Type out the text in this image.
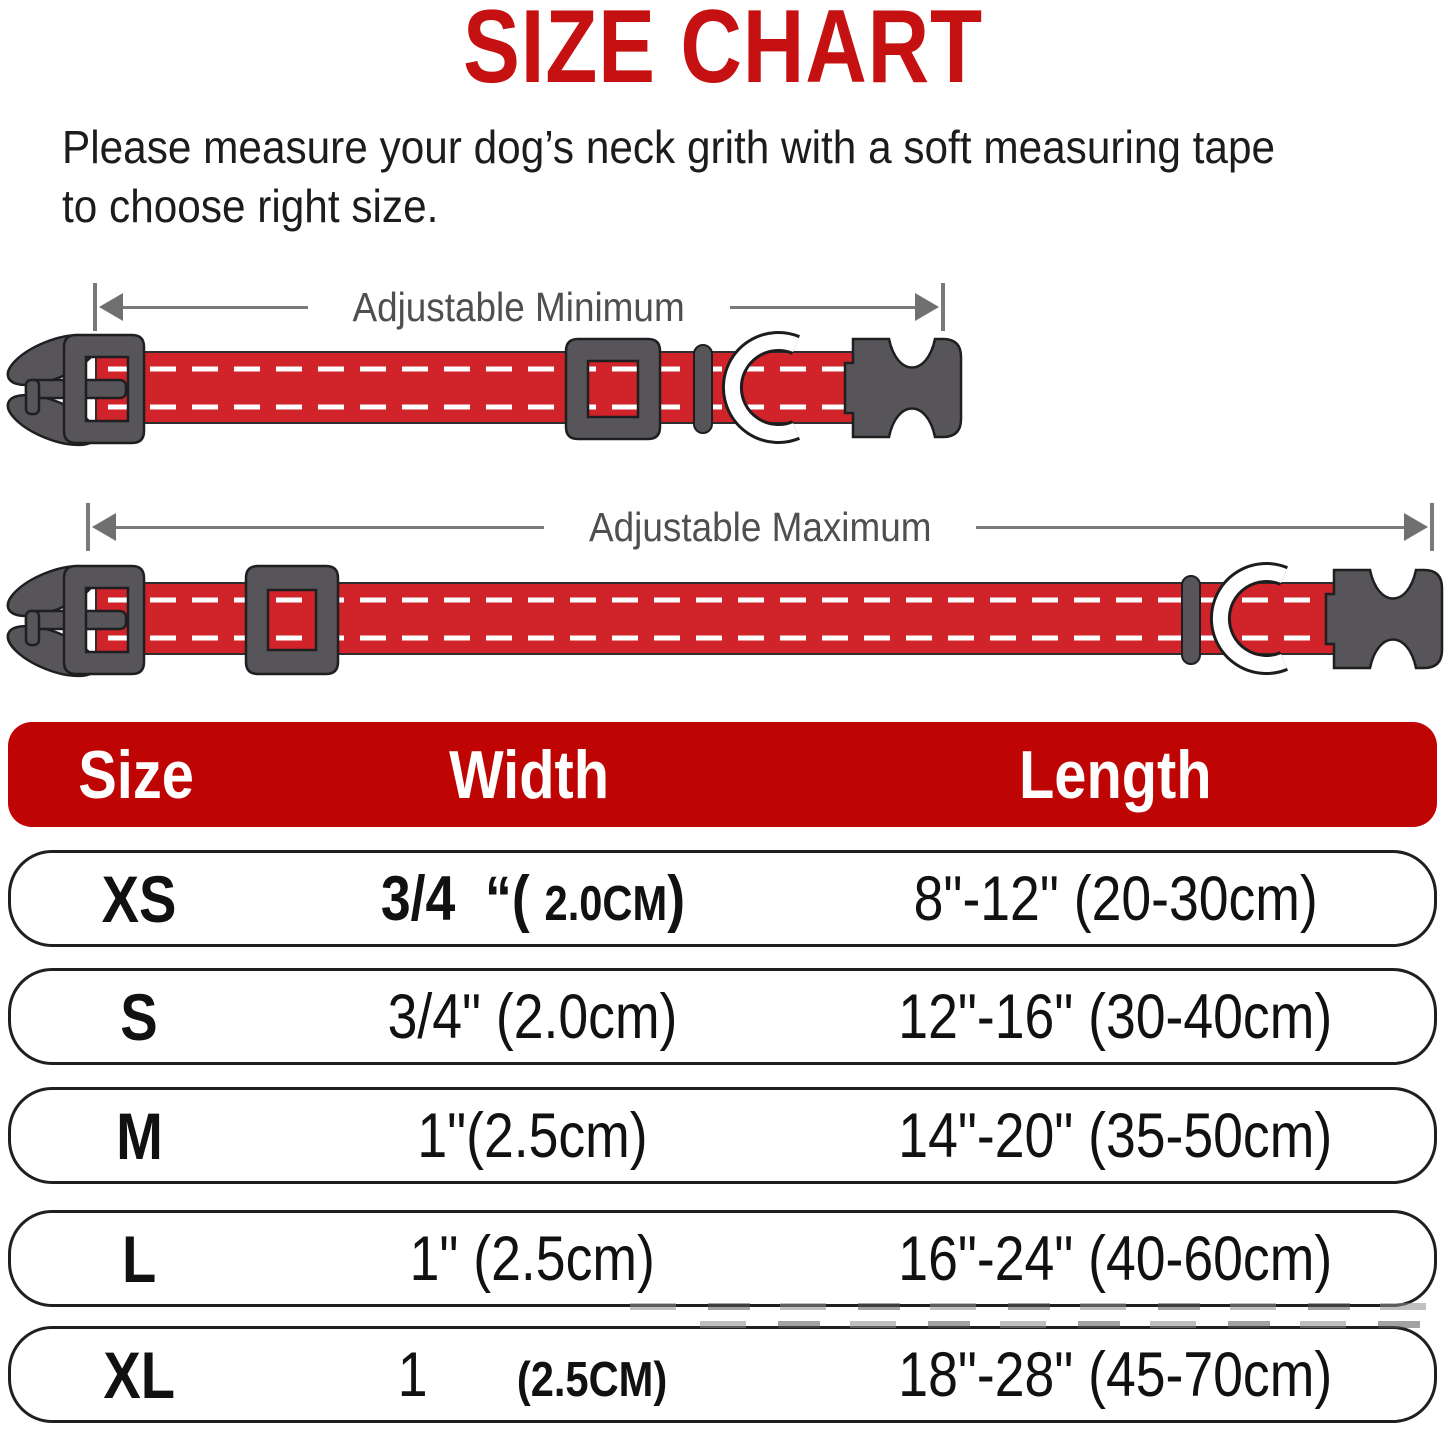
SIZE CHART

Please measure your dog’s neck grith with a soft measuring tape
to choose right size.

Adjustable Minimum
Adjustable Maximum
Size	Width	Length
XS	3/4  “( 2.0CM)	8"-12" (20-30cm)
S	3/4" (2.0cm)	12"-16" (30-40cm)
M	1"(2.5cm)	14"-20" (35-50cm)
L	1" (2.5cm)	16"-24" (40-60cm)
XL	1      (2.5CM)	18"-28" (45-70cm)
